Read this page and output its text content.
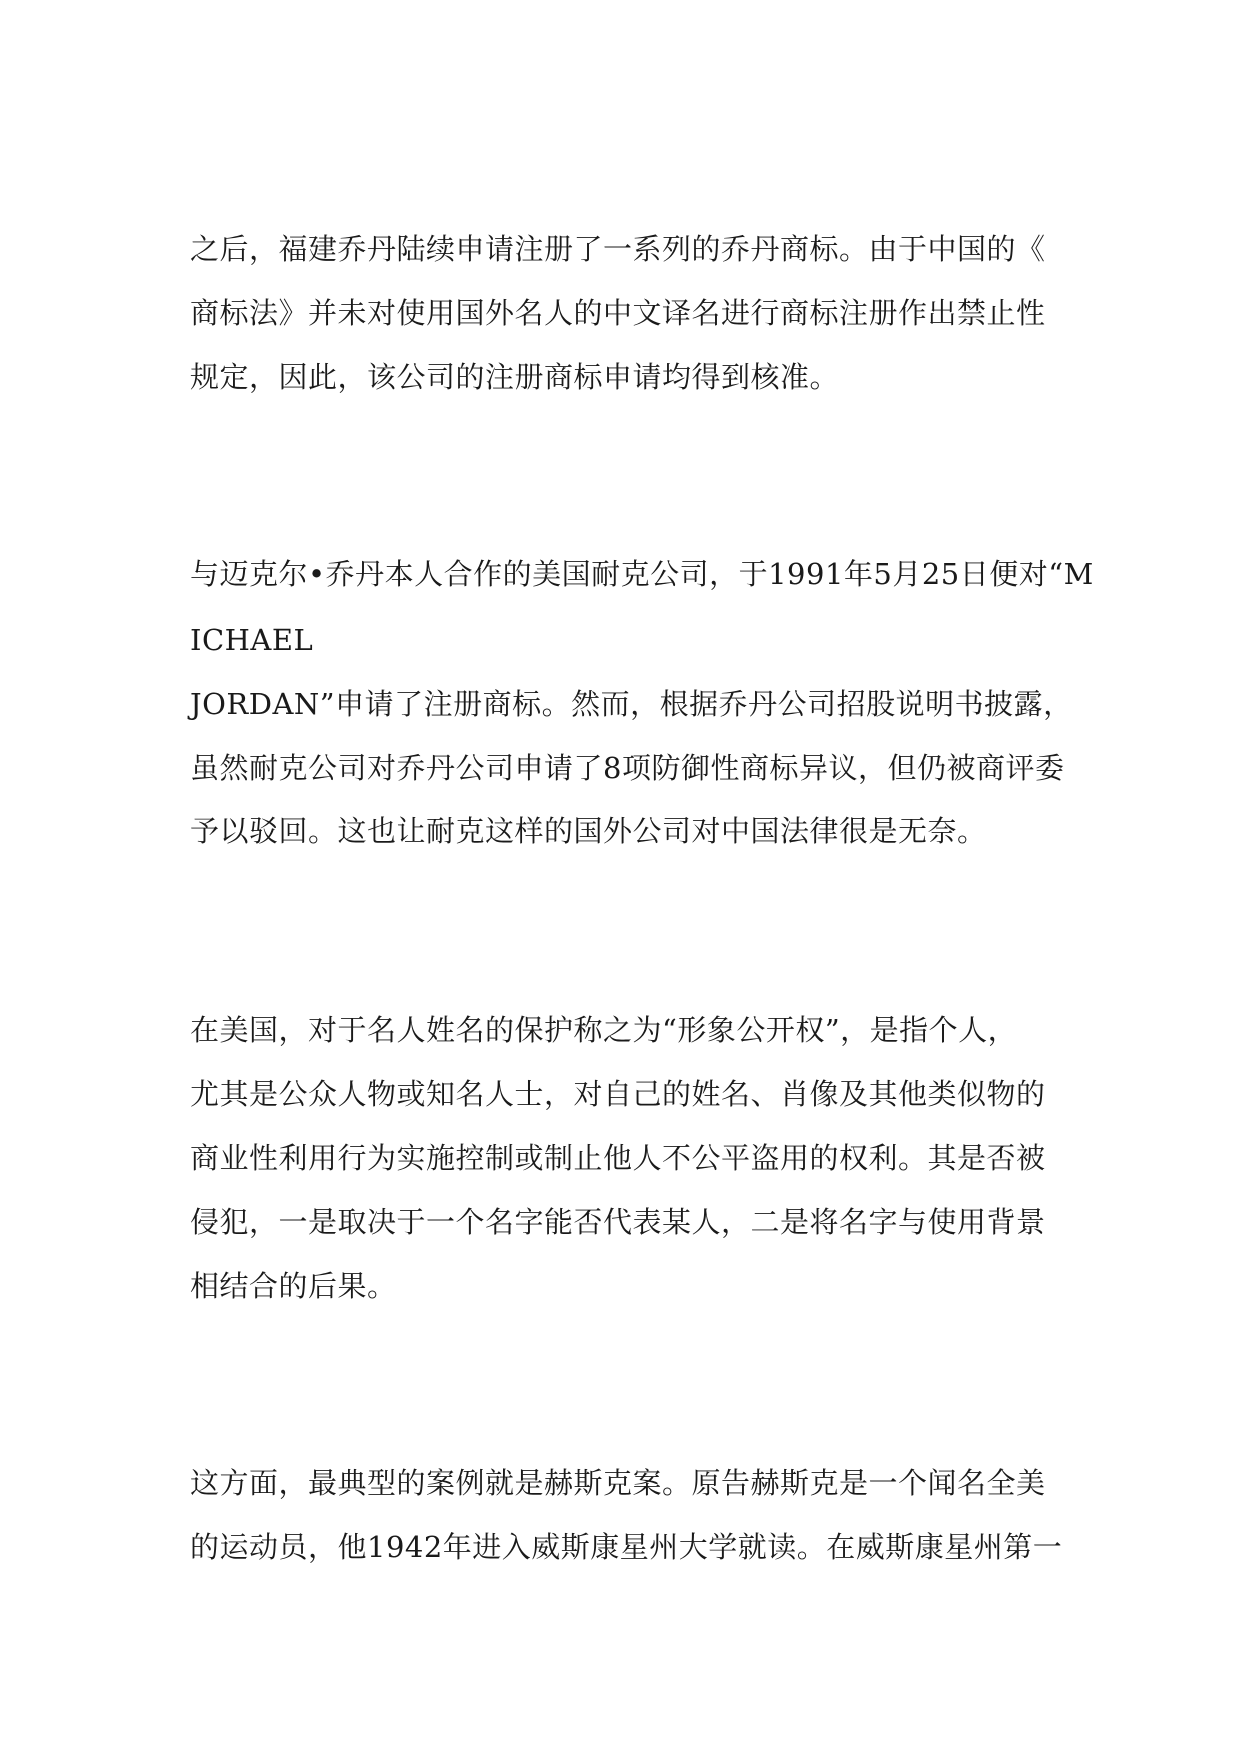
之后，福建乔丹陆续申请注册了一系列的乔丹商标。由于中国的《
商标法》并未对使用国外名人的中文译名进行商标注册作出禁止性
规定，因此，该公司的注册商标申请均得到核准。
与迈克尔•乔丹本人合作的美国耐克公司，于1991年5月25日便对“M
ICHAEL
JORDAN”申请了注册商标。然而，根据乔丹公司招股说明书披露，
虽然耐克公司对乔丹公司申请了8项防御性商标异议，但仍被商评委
予以驳回。这也让耐克这样的国外公司对中国法律很是无奈。
在美国，对于名人姓名的保护称之为“形象公开权”，是指个人，
尤其是公众人物或知名人士，对自己的姓名、肖像及其他类似物的
商业性利用行为实施控制或制止他人不公平盗用的权利。其是否被
侵犯，一是取决于一个名字能否代表某人，二是将名字与使用背景
相结合的后果。
这方面，最典型的案例就是赫斯克案。原告赫斯克是一个闻名全美
的运动员，他1942年进入威斯康星州大学就读。在威斯康星州第一
